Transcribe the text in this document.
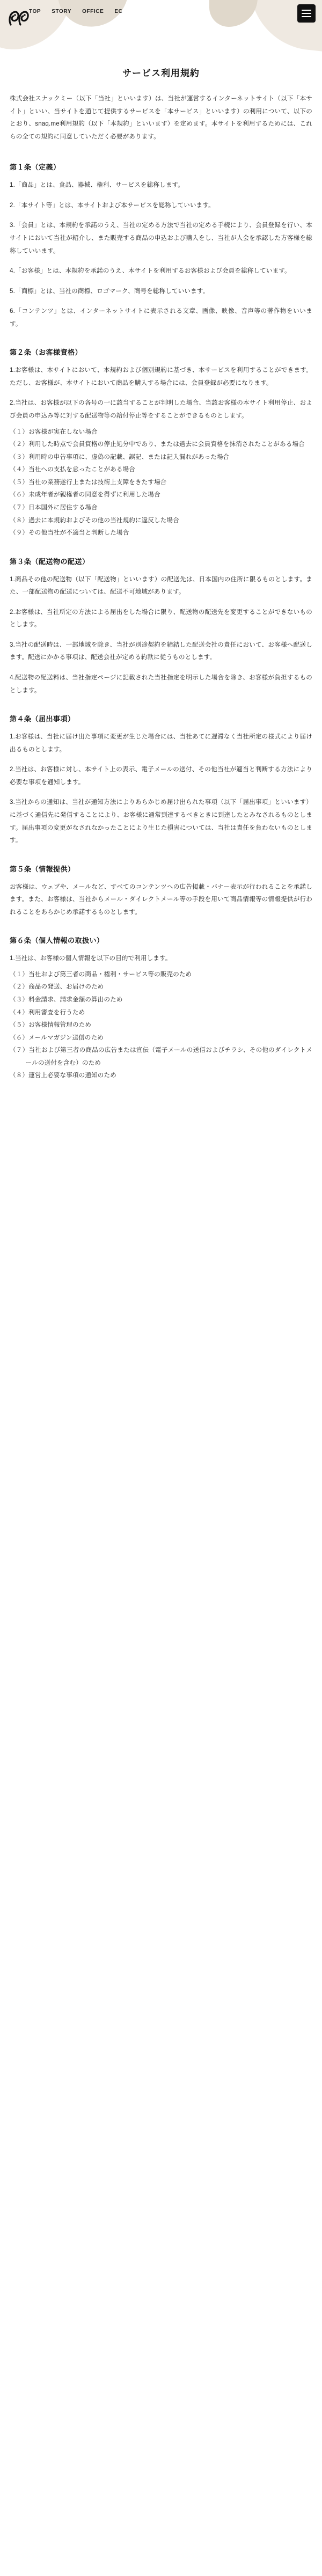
TOP STORY OFFICE EC
サービス利用規約

株式会社スナックミー（以下「当社」といいます）は、当社が運営するインターネットサイト（以下「本サイト」といい、当サイトを通じて提供するサービスを「本サービス」といいます）の利用について、以下のとおり、snaq.me利用規約（以下「本規約」といいます）を定めます。本サイトを利用するためには、これらの全ての規約に同意していただく必要があります。

第１条（定義）

1.「商品」とは、食品、器械、権利、サービスを総称します。

2.「本サイト等」とは、本サイトおよび本サービスを総称していいます。

3.「会員」とは、本規約を承諾のうえ、当社の定める方法で当社の定める手続により、会員登録を行い、本サイトにおいて当社が紹介し、また販売する商品の申込および購入をし、当社が人会を承認した方客様を総称していいます。

4.「お客様」とは、本規約を承諾のうえ、本サイトを利用するお客様および会員を総称しています。

5.「商標」とは、当社の商標、ロゴマーク、商号を総称していいます。

6.「コンテンツ」とは、インターネットサイトに表示される文章、画像、映像、音声等の著作物をいいます。

第２条（お客様資格）

1.お客様は、本サイトにおいて、本規約および個別規約に基づき、本サービスを利用することができます。ただし、お客様が、本サイトにおいて商品を購入する場合には、会員登録が必要になります。

2.当社は、お客様が以下の各号の一に該当することが判明した場合、当該お客様の本サイト利用停止、および会員の申込み等に対する配送物等の給付停止等をすることができるものとします。

（１）お客様が実在しない場合
（２）利用した時点で会員資格の停止処分中であり、または過去に会員資格を抹消されたことがある場合
（３）利用時の申告事項に、虚偽の記載、誤記、または記入漏れがあった場合
（４）当社への支払を怠ったことがある場合
（５）当社の業務遂行上または技術上支障をきたす場合
（６）未成年者が親権者の同意を得ずに利用した場合
（７）日本国外に居住する場合
（８）過去に本規約およびその他の当社規約に違反した場合
（９）その他当社が不適当と判断した場合
第３条（配送物の配送）

1.商品その他の配送物（以下「配送物」といいます）の配送先は、日本国内の住所に限るものとします。また、一部配送物の配送については、配送不可地域があります。

2.お客様は、当社所定の方法による届出をした場合に限り、配送物の配送先を変更することができないものとします。

3.当社の配送時は、一部地域を除き、当社が別途契約を締結した配送会社の責任において、お客様へ配送します。配送にかかる事項は、配送会社が定める約款に従うものとします。

4.配送物の配送料は、当社指定ページに記載された当社指定を明示した場合を除き、お客様が負担するものとします。

第４条（届出事項）

1.お客様は、当社に届け出た事項に変更が生じた場合には、当社あてに遅滞なく当社所定の様式により届け出るものとします。

2.当社は、お客様に対し、本サイト上の表示、電子メールの送付、その他当社が適当と判断する方法により必要な事項を通知します。

3.当社からの通知は、当社が通知方法によりあらかじめ届け出られた事項（以下「届出事項」といいます）に基づく通信先に発信することにより、お客様に通常到達するべきときに到達したとみなされるものとします。届出事項の変更がなされなかったことにより生じた損害については、当社は責任を負わないものとします。

第５条（情報提供）

お客様は、ウェブや、メールなど、すべてのコンテンツへの広告掲載・バナー表示が行われることを承諾します。また、お客様は、当社からメール・ダイレクトメール等の手段を用いて商品情報等の情報提供が行われることをあらかじめ承諾するものとします。

第６条（個人情報の取扱い）

1.当社は、お客様の個人情報を以下の目的で利用します。

（１）当社および第三者の商品・権利・サービス等の販売のため
（２）商品の発送、お届けのため
（３）料金請求、請求金額の算出のため
（４）利用審査を行うため
（５）お客様情報管理のため
（６）メールマガジン送信のため
（７）当社および第三者の商品の広告または宣伝（電子メールの送信およびチラシ、その他のダイレクトメールの送付を含む）のため
（８）運営上必要な事項の通知のため
